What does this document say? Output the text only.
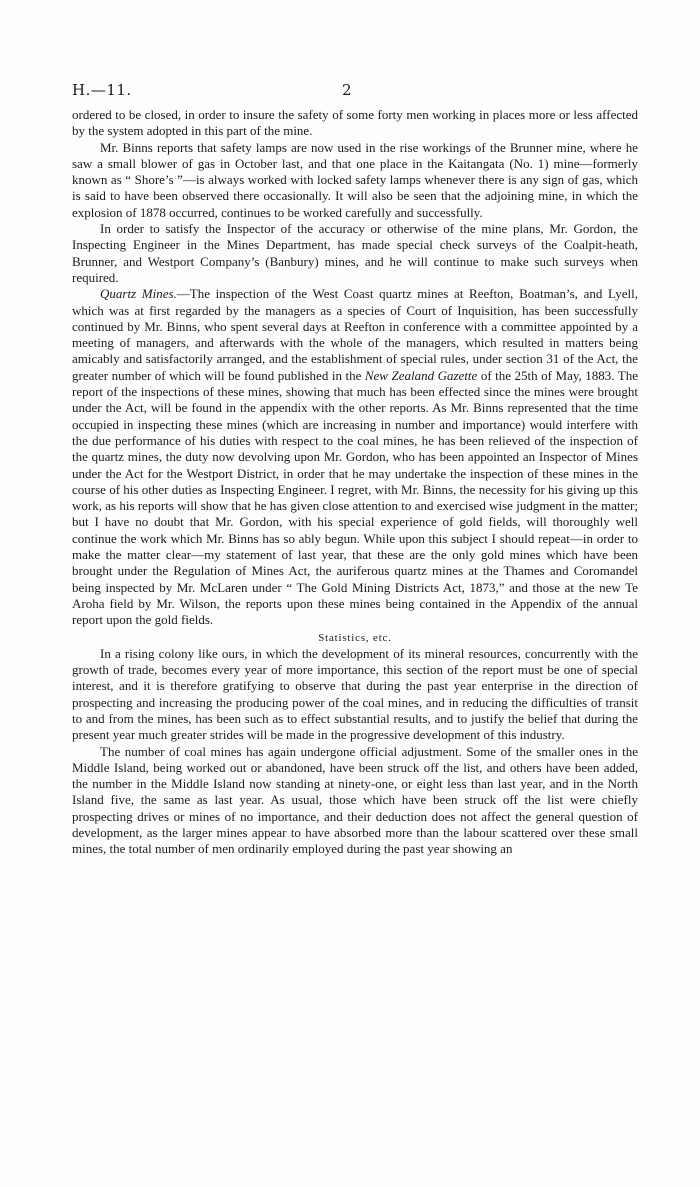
H.—11.	2

ordered to be closed, in order to insure the safety of some forty men working in places more or less affected by the system adopted in this part of the mine.

Mr. Binns reports that safety lamps are now used in the rise workings of the Brunner mine, where he saw a small blower of gas in October last, and that one place in the Kaitangata (No. 1) mine—formerly known as “ Shore’s ”—is always worked with locked safety lamps whenever there is any sign of gas, which is said to have been observed there occasionally. It will also be seen that the adjoining mine, in which the explosion of 1878 occurred, continues to be worked carefully and successfully.

In order to satisfy the Inspector of the accuracy or otherwise of the mine plans, Mr. Gordon, the Inspecting Engineer in the Mines Department, has made special check surveys of the Coalpit-heath, Brunner, and Westport Company’s (Banbury) mines, and he will continue to make such surveys when required.

Quartz Mines.—The inspection of the West Coast quartz mines at Reefton, Boatman’s, and Lyell, which was at first regarded by the managers as a species of Court of Inquisition, has been successfully continued by Mr. Binns, who spent several days at Reefton in conference with a committee appointed by a meeting of managers, and afterwards with the whole of the managers, which resulted in matters being amicably and satisfactorily arranged, and the establishment of special rules, under section 31 of the Act, the greater number of which will be found published in the New Zealand Gazette of the 25th of May, 1883. The report of the inspections of these mines, showing that much has been effected since the mines were brought under the Act, will be found in the appendix with the other reports. As Mr. Binns represented that the time occupied in inspecting these mines (which are increasing in number and importance) would interfere with the due performance of his duties with respect to the coal mines, he has been relieved of the inspection of the quartz mines, the duty now devolving upon Mr. Gordon, who has been appointed an Inspector of Mines under the Act for the Westport District, in order that he may undertake the inspection of these mines in the course of his other duties as Inspecting Engineer. I regret, with Mr. Binns, the necessity for his giving up this work, as his reports will show that he has given close attention to and exercised wise judgment in the matter; but I have no doubt that Mr. Gordon, with his special experience of gold fields, will thoroughly well continue the work which Mr. Binns has so ably begun. While upon this subject I should repeat—in order to make the matter clear—my statement of last year, that these are the only gold mines which have been brought under the Regulation of Mines Act, the auriferous quartz mines at the Thames and Coromandel being inspected by Mr. McLaren under “ The Gold Mining Districts Act, 1873,” and those at the new Te Aroha field by Mr. Wilson, the reports upon these mines being contained in the Appendix of the annual report upon the gold fields.

Statistics, etc.

In a rising colony like ours, in which the development of its mineral resources, concurrently with the growth of trade, becomes every year of more importance, this section of the report must be one of special interest, and it is therefore gratifying to observe that during the past year enterprise in the direction of prospecting and increasing the producing power of the coal mines, and in reducing the difficulties of transit to and from the mines, has been such as to effect substantial results, and to justify the belief that during the present year much greater strides will be made in the progressive development of this industry.

The number of coal mines has again undergone official adjustment. Some of the smaller ones in the Middle Island, being worked out or abandoned, have been struck off the list, and others have been added, the number in the Middle Island now standing at ninety-one, or eight less than last year, and in the North Island five, the same as last year. As usual, those which have been struck off the list were chiefly prospecting drives or mines of no importance, and their deduction does not affect the general question of development, as the larger mines appear to have absorbed more than the labour scattered over these small mines, the total number of men ordinarily employed during the past year showing an
